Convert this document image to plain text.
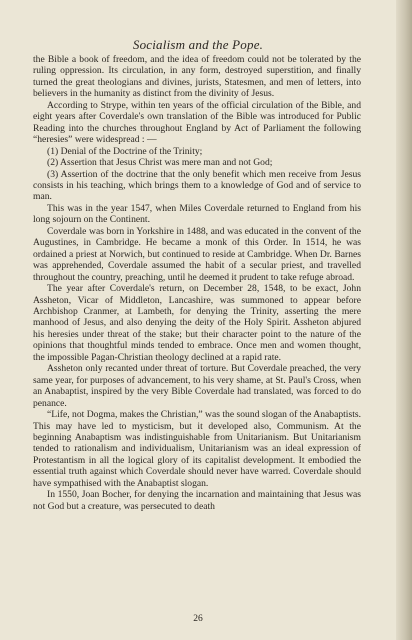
Socialism and the Pope.

the Bible a book of freedom, and the idea of freedom could not be tolerated by the ruling oppression. Its circulation, in any form, destroyed superstition, and finally turned the great theologians and divines, jurists, Statesmen, and men of letters, into believers in the humanity as distinct from the divinity of Jesus.

According to Strype, within ten years of the official circulation of the Bible, and eight years after Coverdale's own translation of the Bible was introduced for Public Reading into the churches throughout England by Act of Parliament the following “heresies” were widespread : —

(1) Denial of the Doctrine of the Trinity;

(2) Assertion that Jesus Christ was mere man and not God;

(3) Assertion of the doctrine that the only benefit which men receive from Jesus consists in his teaching, which brings them to a knowledge of God and of service to man.

This was in the year 1547, when Miles Coverdale returned to England from his long sojourn on the Continent.

Coverdale was born in Yorkshire in 1488, and was educated in the convent of the Augustines, in Cambridge. He became a monk of this Order. In 1514, he was ordained a priest at Norwich, but continued to reside at Cambridge. When Dr. Barnes was apprehended, Coverdale assumed the habit of a secular priest, and travelled throughout the country, preaching, until he deemed it prudent to take refuge abroad.

The year after Coverdale's return, on December 28, 1548, to be exact, John Assheton, Vicar of Middleton, Lancashire, was summoned to appear before Archbishop Cranmer, at Lambeth, for denying the Trinity, asserting the mere manhood of Jesus, and also denying the deity of the Holy Spirit. Assheton abjured his heresies under threat of the stake; but their character point to the nature of the opinions that thoughtful minds tended to embrace. Once men and women thought, the impossible Pagan-Christian theology declined at a rapid rate.

Assheton only recanted under threat of torture. But Coverdale preached, the very same year, for purposes of advancement, to his very shame, at St. Paul's Cross, when an Anabaptist, inspired by the very Bible Coverdale had translated, was forced to do penance.

“Life, not Dogma, makes the Christian,” was the sound slogan of the Anabaptists. This may have led to mysticism, but it developed also, Communism. At the beginning Anabaptism was indistinguishable from Unitarianism. But Unitarianism tended to rationalism and individualism, Unitarianism was an ideal expression of Protestantism in all the logical glory of its capitalist development. It embodied the essential truth against which Coverdale should never have warred. Coverdale should have sympathised with the Anabaptist slogan.

In 1550, Joan Bocher, for denying the incarnation and maintaining that Jesus was not God but a creature, was persecuted to death

26
